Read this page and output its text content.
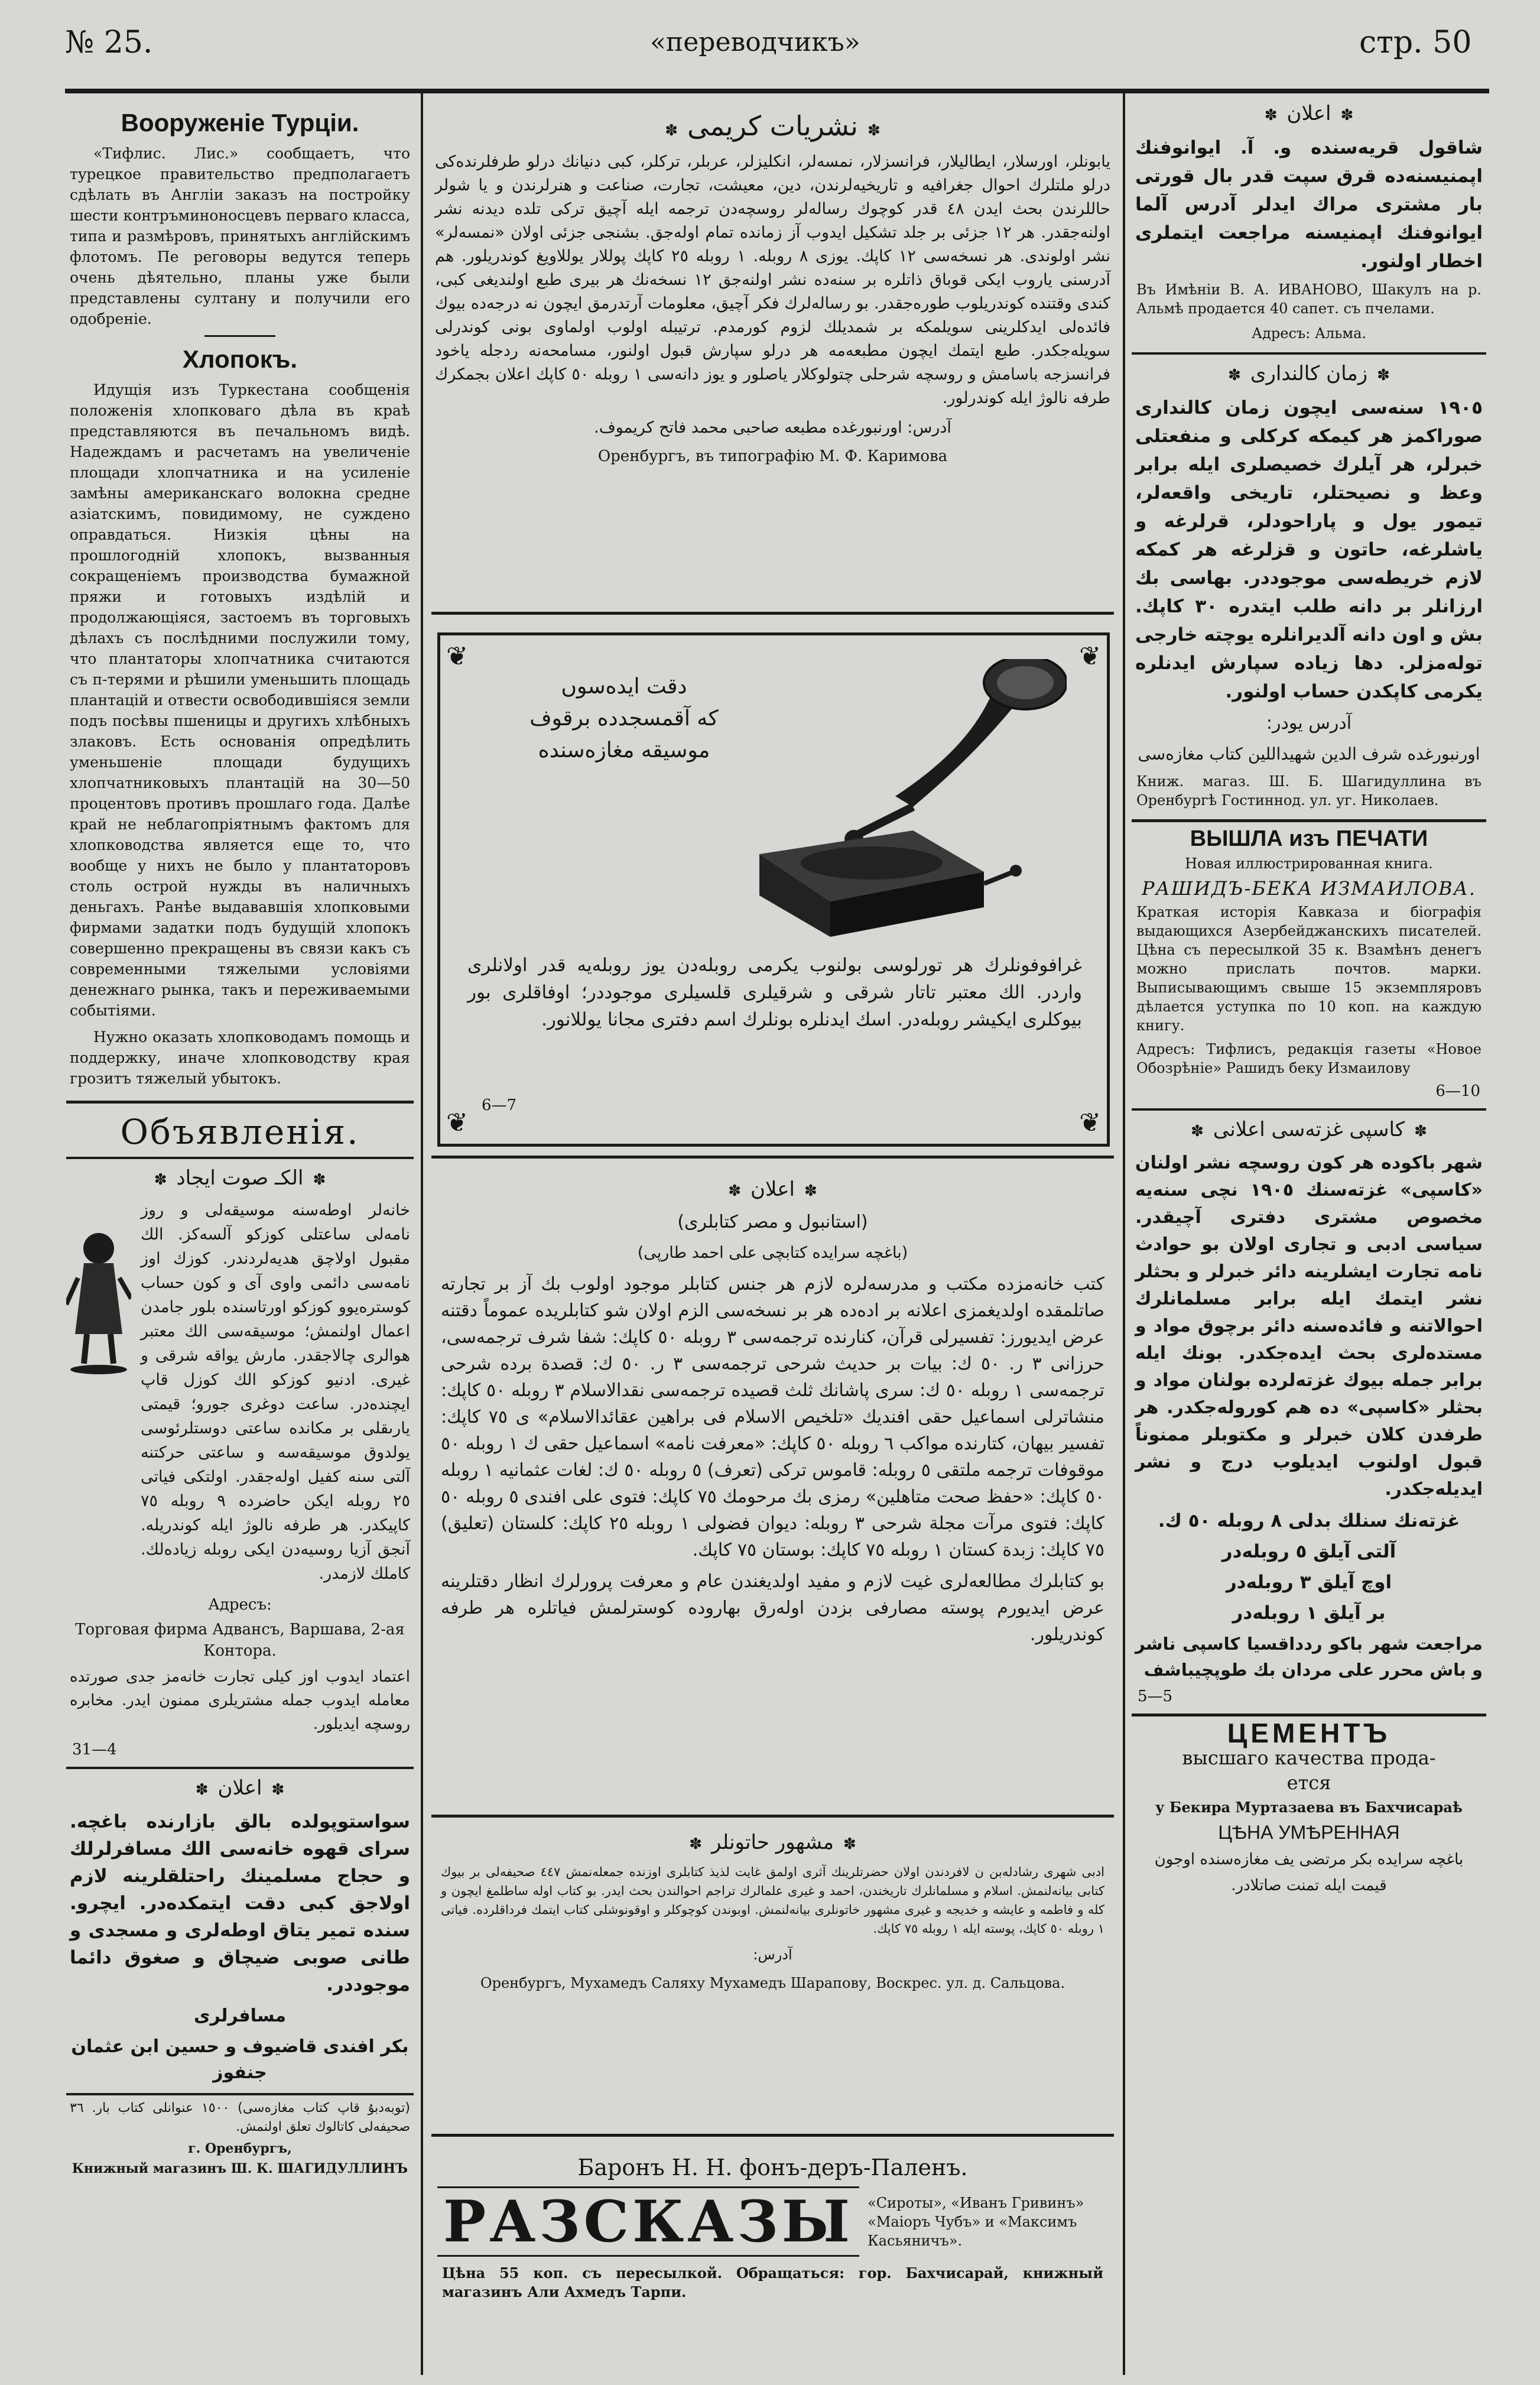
№ 25.	«переводчикъ»	стр. 50
Вооруженіе Турціи.
«Тифлис. Лис.» сообщаетъ, что турецкое правительство предполагаетъ сдѣлать въ Англіи заказъ на постройку шести контръминоносцевъ перваго класса, типа и размѣровъ, принятыхъ англійскимъ флотомъ. Пе реговоры ведутся теперь очень дѣятельно, планы уже были представлены султану и получили его одобреніе.
Хлопокъ.
Идущія изъ Туркестана сообщенія положенія хлопковаго дѣла въ краѣ представляются въ печальномъ видѣ. Надеждамъ и расчетамъ на увеличеніе площади хлопчатника и на усиленіе замѣны американскаго волокна средне азіатскимъ, повидимому, не суждено оправдаться. Низкія цѣны на прошлогодній хлопокъ, вызванныя сокращеніемъ производства бумажной пряжи и готовыхъ издѣлій и продолжающіяся, застоемъ въ торговыхъ дѣлахъ съ послѣдними послужили тому, что плантаторы хлопчатника считаются съ п-терями и рѣшили уменьшить площадь плантацій и отвести освободившіяся земли подъ посѣвы пшеницы и другихъ хлѣбныхъ злаковъ. Есть основанія опредѣлить уменьшеніе площади будущихъ хлопчатниковыхъ плантацій на 30—50 процентовъ противъ прошлаго года. Далѣе край не неблагопріятнымъ фактомъ для хлопководства является еще то, что вообще у нихъ не было у плантаторовъ столь острой нужды въ наличныхъ деньгахъ. Ранѣе выдававшія хлопковыми фирмами задатки подъ будущій хлопокъ совершенно прекращены въ связи какъ съ современными тяжелыми условіями денежнаго рынка, такъ и переживаемыми событіями.
Нужно оказать хлопководамъ помощь и поддержку, иначе хлопководству края грозитъ тяжелый убытокъ.
Объявленія.
✽الكـ صوت ايجاد✽
خانەلر اوطەسنە موسيقەلى و روز نامەلى ساعتلى كوزكو آلسەكز. الك مقبول اولاچق هديەلردندر. كوزك اوز نامەسى دائمى واوى آى و كون حساب كوسترەيوو كوزكو اورتاسندە بلور جامدن اعمال اولنمش؛ موسيقەسى الك معتبر هوالرى چالاجقدر. مارش يواقە شرقى و غيرى. ادنيو كوزكو الك كوزل قاپ ايچندەدر. ساعت دوغرى جورو؛ قيمتى يارىقلى بر مكانده ساعتى دوستلرئوسى يولدوق موسيقەسە و ساعتى حركتنه آلتى سنه كفيل اولەجقدر. اولتكى فياتى ٢٥ روبلە ايكن حاضرده ٩ روبلە ٧٥ كاپيكدر. هر طرفه نالوژ ايلە كوندريله. آنجق آزيا روسيەدن ايكى روبلە زياده‌لك. كاملك لازمدر.
Адресъ:
Торговая фирма Адвансъ, Варшава, 2-ая Контора.
اعتماد ايدوب اوز كيلى تجارت خانەمز جدى صورتدە معاملە ايدوب جملە مشتريلرى ممنون ايدر. مخابره روسچە ايديلور.
31—4
✽اعلان✽
سواستوپولدە بالق بازارندە باغچە. سراى قهوە خانەسى الك مسافرلرلك و حجاج مسلمينك راحتلقلرينە لازم اولاجق كبى دقت ايتمكدەدر. ايچرو. سندە تمير يتاق اوطەلرى و مسجدى و طانى صوبى ضيچاق و صغوق دائما موجوددر.
مسافرلرى
بكر افندى قاضيوف و حسين ابن عثمان جنفوز
(توبەدبۇ‌ قاپ كتاب مغازەسى) ١٥٠٠ عنوانلى كتاب بار. ٣٦ صحيفەلى كاتالوك تعلق اولنمش.
г. Оренбургъ,
Книжный магазинъ Ш. К. ШАГИДУЛЛИНЪ
✽نشريات كريمى✽
يابونلر، اورسلار، ايطاليلار، فرانسزلار، نمسەلر، انكليزلر، عربلر، تركلر، كبى دنيانك درلو طرفلرندەكى درلو ملتلرك احوال جغرافيه و تاريخيەلرندن، دين، معيشت، تجارت، صناعت و هنرلرندن و يا شولر حاللرندن بحث ايدن ٤٨ قدر كوچوك رسالەلر روسچەدن ترجمە ايلە آچيق تركى تلدە ديدنە نشر اولنەجقدر. هر ١٢ جزئى بر جلد تشكيل ايدوب آز زمانده تمام اولەجق. بشنجى جزئى اولان «نمسەلر» نشر اولوندى. هر نسخەسى ١٢ كاپك. يوزى ٨ روبلە. ١ روبلە ٢٥ كاپك پوللار يوللاويغ كوندريلور. هم آدرسنى ياروب ايكى قوباق ذاتلره بر سنەده نشر اولنەجق ١٢ نسخەنك هر بيرى طبع اولنديغى كبى، كندى وقتنده كوندريلوب طورەجقدر. بو رسالەلرك فكر آچيق، معلومات آرتدرمق ايچون نە درجەدە بيوك فائدەلى ايدكلرينى سويلمكه بر شمديلك لزوم كورمدم. ترتيبلە اولوب اولماوى بونى كوندرلى سويلەجكدر. طبع ايتمك ايچون مطبعەمە هر درلو سپارش قبول اولنور، مسامحەنە ردجلە ياخود فرانسزجە باسامش و روسچه شرحلى چتولوكلار ياصلور و يوز دانەسى ١ روبلە ٥٠ كاپك اعلان بجمكرك طرفه نالوژ ايلە كوندرلور.
آدرس: اورنبورغده مطبعه صاحبى محمد فاتح كريموف.
Оренбургъ, въ типографію М. Ф. Каримова
❦	❦
❦	❦
دقت ايدەسوں
كه آقمسجدده برقوف
موسيقه مغازەسنده
غرافوفونلرك هر تورلوسى بولنوب يكرمى روبلەدن يوز روبلەيە قدر اولانلرى واردر. الك معتبر تاتار شرقى و شرقيلرى قلسيلرى موجوددر؛ اوفاقلرى بور بيوكلرى ايكيشر روبلەدر. اسك ايدنلرە بونلرك اسم دفترى مجانا يوللانور.
6—7
✽اعلان✽
(استانبول و مصر كتابلرى)
(باغچە سرايده كتابچى على احمد طارپى)
كتب خانەمزدە مكتب و مدرسەلرە لازم هر جنس كتابلر موجود اولوب بك آز بر تجارتە صاتلمقدە اولديغمزى اعلانه بر ادەده هر بر نسخەسى الزم اولان شو كتابلريده عموماً دقتنه عرض ايديورز: تفسيرلى قرآن، كنارندە ترجمەسى ٣ روبلە ٥٠ كاپك: شفا شرف ترجمەسى، حرزانى ٣ ر. ٥٠ ك: بيات بر حديث شرحى ترجمەسى ٣ ر. ٥٠ ك: قصدة برده شرحى ترجمەسى ١ روبلە ٥٠ ك: سرى پاشانك ثلث قصيده ترجمەسى نقدالاسلام ٣ روبلە ٥٠ كاپك: منشاترلى اسماعيل حقى افنديك «تلخيص الاسلام فى براهين عقائدالاسلام» ى ٧٥ كاپك: تفسير بيهان، كتارنده مواكب ٦ روبلە ٥٠ كاپك: «معرفت نامه» اسماعيل حقى ك ١ روبلە ٥٠ موقوفات ترجمە ملتقى ٥ روبلە: قاموس تركى (تعرف) ٥ روبلە ٥٠ ك: لغات عثمانيە ١ روبلە ٥٠ كاپك: «حفظ صحت متاهلين» رمزى بك مرحومك ٧٥ كاپك: فتوى على افندى ٥ روبلە ٥٠ كاپك: فتوى مرآت مجلة شرحى ٣ روبلە: ديوان فضولى ١ روبلە ٢٥ كاپك: كلستان (تعليق) ٧٥ كاپك: زبدة كستان ١ روبلە ٧٥ كاپك: بوستان ٧٥ كاپك.
بو كتابلرك مطالعەلرى غيت لازم و مفيد اولديغندن عام و معرفت پرورلرك انظار دقتلرينە عرض ايديورم پوستە مصارفى بزدن اولەرق بهارودە كوسترلمش فياتلرە هر طرفه كوندريلور.
✽مشهور حاتونلر✽
ادبى شهرى رشادلەبن ن لافردندن اولان حضرتلرينك آثرى اولمق غايت لذيذ كتابلرى اوزندە جمعلەنمش ٤٤٧ صحيفەلى بر بيوك كتابى بيانەلنمش. اسلام و مسلمانلرك تاريخندن، احمد و غيرى علمالرك تراجم احوالندن بحث ايدر. بو كتاب اوله ساطلمغ ايچون و كله و فاطمە و عايشە و خديجە و غيرى مشهور خاتونلرى بيانەلنمش. اوبوندن كوچوكلر و اوقونوشلى كتاب ايتمك فرداقلرده. فياتى ١ روبلە ٥٠ كاپك، پوستە ايلە ١ روبلە ٧٥ كاپك.
آدرس:
Оренбургъ, Мухамедъ Саляху Мухамедъ Шарапову, Воскрес. ул. д. Сальцова.
Баронъ Н. Н. фонъ-деръ-Паленъ.
РАЗСКАЗЫ	«Сироты», «Иванъ Гривинъ» «Маіоръ Чубъ» и «Максимъ Касьяничъ».
Цѣна 55 коп. съ пересылкой. Обращаться: гор. Бахчисарай, книжный магазинъ Али Ахмедъ Тарпи.
✽اعلان✽
شاقول قريەسندە و. آ. ايوانوفنك اپمنيسنەدە قرق سپت قدر بال قورتى بار مشترى مراك ايدلر آدرس آلما ايوانوفنك اپمنيسنە مراجعت ايتملرى اخطار اولنور.
Въ Имѣніи В. А. ИВАНОВО, Шакулъ на р. Альмѣ продается 40 сапет. съ пчелами.
Адресъ: Альма.
✽زمان كالندارى✽
١٩٠٥ سنەسى ايچون زمان كالندارى صوراكمز هر كيمكه كركلى و منفعتلى خبرلر، هر آيلرك خصيصلرى ايلە برابر وعظ و نصيحتلر، تاريخى واقعەلر، تيمور يول و پاراحودلر، قرلرغە و ياشلرغە، حاتون و قزلرغە هر كمكە لازم خريطەسى موجوددر. بهاسى بك ارزانلر بر دانە طلب ايتدرە ٣٠ كاپك. بش و اون دانە آلديرانلرە يوچتە خارجى تولەمزلر. دها زياده سپارش ايدنلرە يكرمى كاپكدن حساب اولنور.
آدرس يودر:
اورنبورغده شرف الدين شهيداللين كتاب مغازەسى
Книж. магаз. Ш. Б. Шагидуллина въ Оренбургѣ Гостиннод. ул. уг. Николаев.
ВЫШЛА изъ ПЕЧАТИ
Новая иллюстрированная книга.
РАШИДЪ-БЕКА ИЗМАИЛОВА.
Краткая исторія Кавказа и біографія выдающихся Азербейджанскихъ писателей. Цѣна съ пересылкой 35 к. Взамѣнъ денегъ можно прислать почтов. марки. Выписывающимъ свыше 15 экземпляровъ дѣлается уступка по 10 коп. на каждую книгу.
Адресъ: Тифлисъ, редакція газеты «Новое Обозрѣніе» Рашидъ беку Измаилову
6—10
✽كاسپى غزتەسى اعلانى✽
شهر باكودە هر كون روسچە نشر اولنان «كاسپى» غزتەسنك ١٩٠٥ نچى سنەيە مخصوص مشترى دفترى آچيقدر. سياسى ادبى و تجارى اولان بو حوادث نامە تجارت ايشلرينە دائر خبرلر و بحثلر نشر ايتمك ايلە برابر مسلمانلرك احوالاتنە و فائدەسنە دائر برچوق مواد و مستدەلرى بحث ايدەجكدر. بونك ايلە برابر جملە بيوك غزتەلردە بولنان مواد و بحثلر «كاسپى» دە هم كورولەجكدر. هر طرفدن كلان خبرلر و مكتوبلر ممنوناً قبول اولنوب ايديلوب درج و نشر ايديلەجكدر.
غزتەنك سنلك بدلى ٨ روبلە ٥٠ ك.
آلتى آيلق ٥ روبلەدر
اوچ آيلق ٣ روبلەدر
بر آيلق ١ روبلەدر
مراجعت شهر باكو ردداقسيا كاسپى ناشر و باش محرر على مردان بك طوپچيباشف
5—5
ЦЕМЕНТЪ
высшаго качества прода-
ется
у Бекира Муртазаева въ Бахчисараѣ
ЦѢНА УМѢРЕННАЯ
باغچە سرايدە بكر مرتضى يف مغازەسندە اوجون قيمت ايلە تمنت صاتلادر.
